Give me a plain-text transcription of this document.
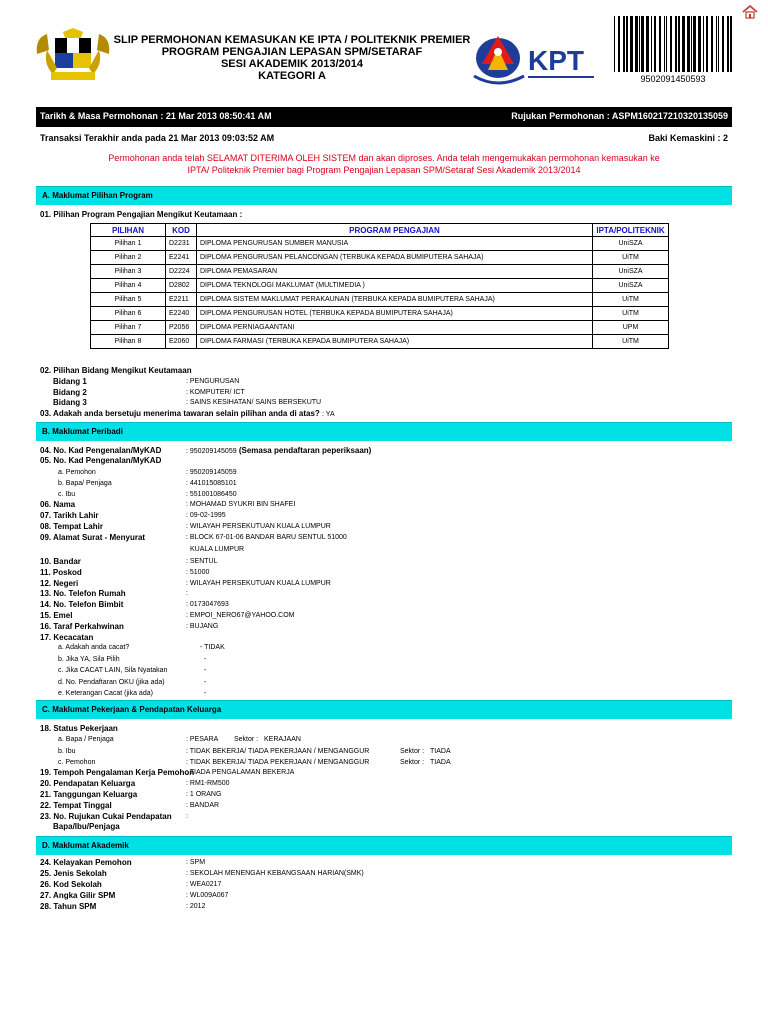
SLIP PERMOHONAN KEMASUKAN KE IPTA / POLITEKNIK PREMIER
PROGRAM PENGAJIAN LEPASAN SPM/SETARAF
SESI AKADEMIK 2013/2014
KATEGORI A	KPT
9502091450593
Tarikh & Masa Permohonan : 21 Mar 2013 08:50:41 AM	Rujukan Permohonan : ASPM160217210320135059
Transaksi Terakhir anda pada 21 Mar 2013 09:03:52 AM	Baki Kemaskini : 2
Permohonan anda telah SELAMAT DITERIMA OLEH SISTEM dan akan diproses. Anda telah mengemukakan permohonan kemasukan ke
IPTA/ Politeknik Premier bagi Program Pengajian Lepasan SPM/Setaraf Sesi Akademik 2013/2014
A. Maklumat Pilihan Program
01. Pilihan Program Pengajian Mengikut Keutamaan :
PILIHAN	KOD	PROGRAM PENGAJIAN	IPTA/POLITEKNIK
Pilihan 1	D2231	DIPLOMA PENGURUSAN SUMBER MANUSIA	UniSZA
Pilihan 2	E2241	DIPLOMA PENGURUSAN PELANCONGAN (TERBUKA KEPADA BUMIPUTERA SAHAJA)	UiTM
Pilihan 3	D2224	DIPLOMA PEMASARAN	UniSZA
Pilihan 4	D2802	DIPLOMA TEKNOLOGI MAKLUMAT (MULTIMEDIA )	UniSZA
Pilihan 5	E2211	DIPLOMA SISTEM MAKLUMAT PERAKAUNAN (TERBUKA KEPADA BUMIPUTERA SAHAJA)	UiTM
Pilihan 6	E2240	DIPLOMA PENGURUSAN HOTEL (TERBUKA KEPADA BUMIPUTERA SAHAJA)	UiTM
Pilihan 7	P2056	DIPLOMA PERNIAGAANTANI	UPM
Pilihan 8	E2060	DIPLOMA FARMASI (TERBUKA KEPADA BUMIPUTERA SAHAJA)	UiTM
02. Pilihan Bidang Mengikut Keutamaan
Bidang 1	: PENGURUSAN
Bidang 2	: KOMPUTER/ ICT
Bidang 3	: SAINS KESIHATAN/ SAINS BERSEKUTU
03. Adakah anda bersetuju menerima tawaran selain pilihan anda di atas? : YA
B. Maklumat Peribadi
04. No. Kad Pengenalan/MyKAD	: 950209145059 (Semasa pendaftaran peperiksaan)
05. No. Kad Pengenalan/MyKAD
a. Pemohon	: 950209145059
b. Bapa/ Penjaga	: 441015085101
c. Ibu	: 551001086450
06. Nama	: MOHAMAD SYUKRI BIN SHAFEI
07. Tarikh Lahir	: 09-02-1995
08. Tempat Lahir	: WILAYAH PERSEKUTUAN KUALA LUMPUR
09. Alamat Surat - Menyurat	: BLOCK 67-01-06 BANDAR BARU SENTUL 51000
KUALA LUMPUR
10. Bandar	: SENTUL
11. Poskod	: 51000
12. Negeri	: WILAYAH PERSEKUTUAN KUALA LUMPUR
13. No. Telefon Rumah	:
14. No. Telefon Bimbit	: 0173047693
15. Emel	: EMPOI_NERO67@YAHOO.COM
16. Taraf Perkahwinan	: BUJANG
17. Kecacatan
a. Adakah anda cacat?	- TIDAK
b. Jika YA, Sila Pilih	-
c. Jika CACAT LAIN, Sila Nyatakan	-
d. No. Pendaftaran OKU (jika ada)	-
e. Keterangan Cacat (jika ada)	-
C. Maklumat Pekerjaan & Pendapatan Keluarga
18. Status Pekerjaan
a. Bapa / Penjaga	: PESARA Sektor : KERAJAAN
b. Ibu	: TIDAK BEKERJA/ TIADA PEKERJAAN / MENGANGGUR	Sektor : TIADA
c. Pemohon	: TIDAK BEKERJA/ TIADA PEKERJAAN / MENGANGGUR	Sektor : TIADA
19. Tempoh Pengalaman Kerja Pemohon
: TIADA PENGALAMAN BEKERJA
20. Pendapatan Keluarga	: RM1-RM500
21. Tanggungan Keluarga	: 1 ORANG
22. Tempat Tinggal	: BANDAR
23. No. Rujukan Cukai Pendapatan :
Bapa/Ibu/Penjaga
D. Maklumat Akademik
24. Kelayakan Pemohon	: SPM
25. Jenis Sekolah	: SEKOLAH MENENGAH KEBANGSAAN HARIAN(SMK)
26. Kod Sekolah	: WEA0217
27. Angka Gilir SPM	: WL009A067
28. Tahun SPM	: 2012
